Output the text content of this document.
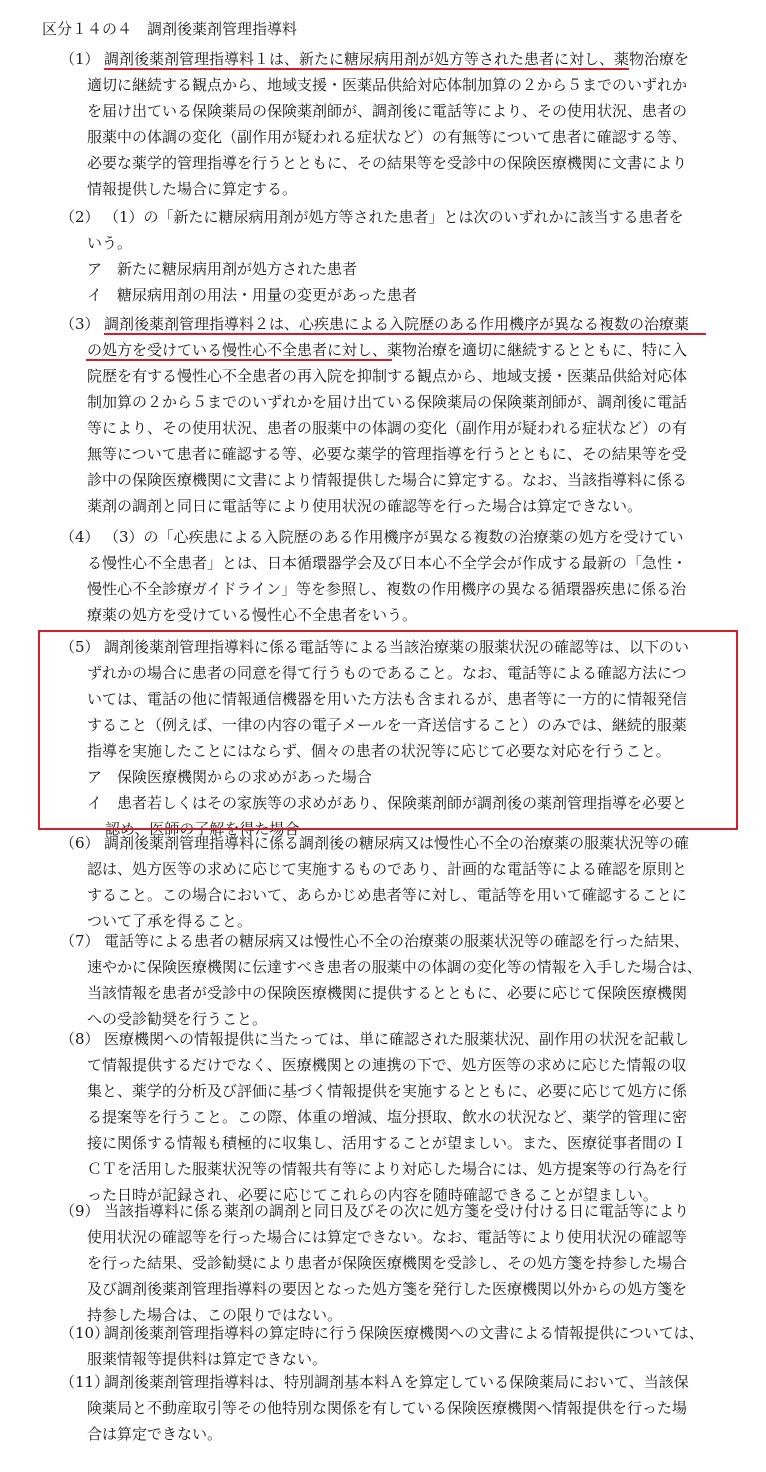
区分１４の４　調剤後薬剤管理指導料
（1） 調剤後薬剤管理指導料１は、新たに糖尿病用剤が処方等された患者に対し、薬物治療を
適切に継続する観点から、地域支援・医薬品供給対応体制加算の２から５までのいずれか
を届け出ている保険薬局の保険薬剤師が、調剤後に電話等により、その使用状況、患者の
服薬中の体調の変化（副作用が疑われる症状など）の有無等について患者に確認する等、
必要な薬学的管理指導を行うとともに、その結果等を受診中の保険医療機関に文書により
情報提供した場合に算定する。
（2） （1）の「新たに糖尿病用剤が処方等された患者」とは次のいずれかに該当する患者を
いう。
ア　新たに糖尿病用剤が処方された患者
イ　糖尿病用剤の用法・用量の変更があった患者
（3） 調剤後薬剤管理指導料２は、心疾患による入院歴のある作用機序が異なる複数の治療薬
の処方を受けている慢性心不全患者に対し、薬物治療を適切に継続するとともに、特に入
院歴を有する慢性心不全患者の再入院を抑制する観点から、地域支援・医薬品供給対応体
制加算の２から５までのいずれかを届け出ている保険薬局の保険薬剤師が、調剤後に電話
等により、その使用状況、患者の服薬中の体調の変化（副作用が疑われる症状など）の有
無等について患者に確認する等、必要な薬学的管理指導を行うとともに、その結果等を受
診中の保険医療機関に文書により情報提供した場合に算定する。なお、当該指導料に係る
薬剤の調剤と同日に電話等により使用状況の確認等を行った場合は算定できない。
（4） （3）の「心疾患による入院歴のある作用機序が異なる複数の治療薬の処方を受けてい
る慢性心不全患者」とは、日本循環器学会及び日本心不全学会が作成する最新の「急性・
慢性心不全診療ガイドライン」等を参照し、複数の作用機序の異なる循環器疾患に係る治
療薬の処方を受けている慢性心不全患者をいう。
（5） 調剤後薬剤管理指導料に係る電話等による当該治療薬の服薬状況の確認等は、以下のい
ずれかの場合に患者の同意を得て行うものであること。なお、電話等による確認方法につ
いては、電話の他に情報通信機器を用いた方法も含まれるが、患者等に一方的に情報発信
すること（例えば、一律の内容の電子メールを一斉送信すること）のみでは、継続的服薬
指導を実施したことにはならず、個々の患者の状況等に応じて必要な対応を行うこと。
ア　保険医療機関からの求めがあった場合
イ　患者若しくはその家族等の求めがあり、保険薬剤師が調剤後の薬剤管理指導を必要と
認め、医師の了解を得た場合
（6） 調剤後薬剤管理指導料に係る調剤後の糖尿病又は慢性心不全の治療薬の服薬状況等の確
認は、処方医等の求めに応じて実施するものであり、計画的な電話等による確認を原則と
すること。この場合において、あらかじめ患者等に対し、電話等を用いて確認することに
ついて了承を得ること。
（7） 電話等による患者の糖尿病又は慢性心不全の治療薬の服薬状況等の確認を行った結果、
速やかに保険医療機関に伝達すべき患者の服薬中の体調の変化等の情報を入手した場合は、
当該情報を患者が受診中の保険医療機関に提供するとともに、必要に応じて保険医療機関
への受診勧奨を行うこと。
（8） 医療機関への情報提供に当たっては、単に確認された服薬状況、副作用の状況を記載し
て情報提供するだけでなく、医療機関との連携の下で、処方医等の求めに応じた情報の収
集と、薬学的分析及び評価に基づく情報提供を実施するとともに、必要に応じて処方に係
る提案等を行うこと。この際、体重の増減、塩分摂取、飲水の状況など、薬学的管理に密
接に関係する情報も積極的に収集し、活用することが望ましい。また、医療従事者間のＩ
ＣＴを活用した服薬状況等の情報共有等により対応した場合には、処方提案等の行為を行
った日時が記録され、必要に応じてこれらの内容を随時確認できることが望ましい。
（9） 当該指導料に係る薬剤の調剤と同日及びその次に処方箋を受け付ける日に電話等により
使用状況の確認等を行った場合には算定できない。なお、電話等により使用状況の確認等
を行った結果、受診勧奨により患者が保険医療機関を受診し、その処方箋を持参した場合
及び調剤後薬剤管理指導料の要因となった処方箋を発行した医療機関以外からの処方箋を
持参した場合は、この限りではない。
（10）
調剤後薬剤管理指導料の算定時に行う保険医療機関への文書による情報提供については、
服薬情報等提供料は算定できない。
（11）
調剤後薬剤管理指導料は、特別調剤基本料Ａを算定している保険薬局において、当該保
険薬局と不動産取引等その他特別な関係を有している保険医療機関へ情報提供を行った場
合は算定できない。
